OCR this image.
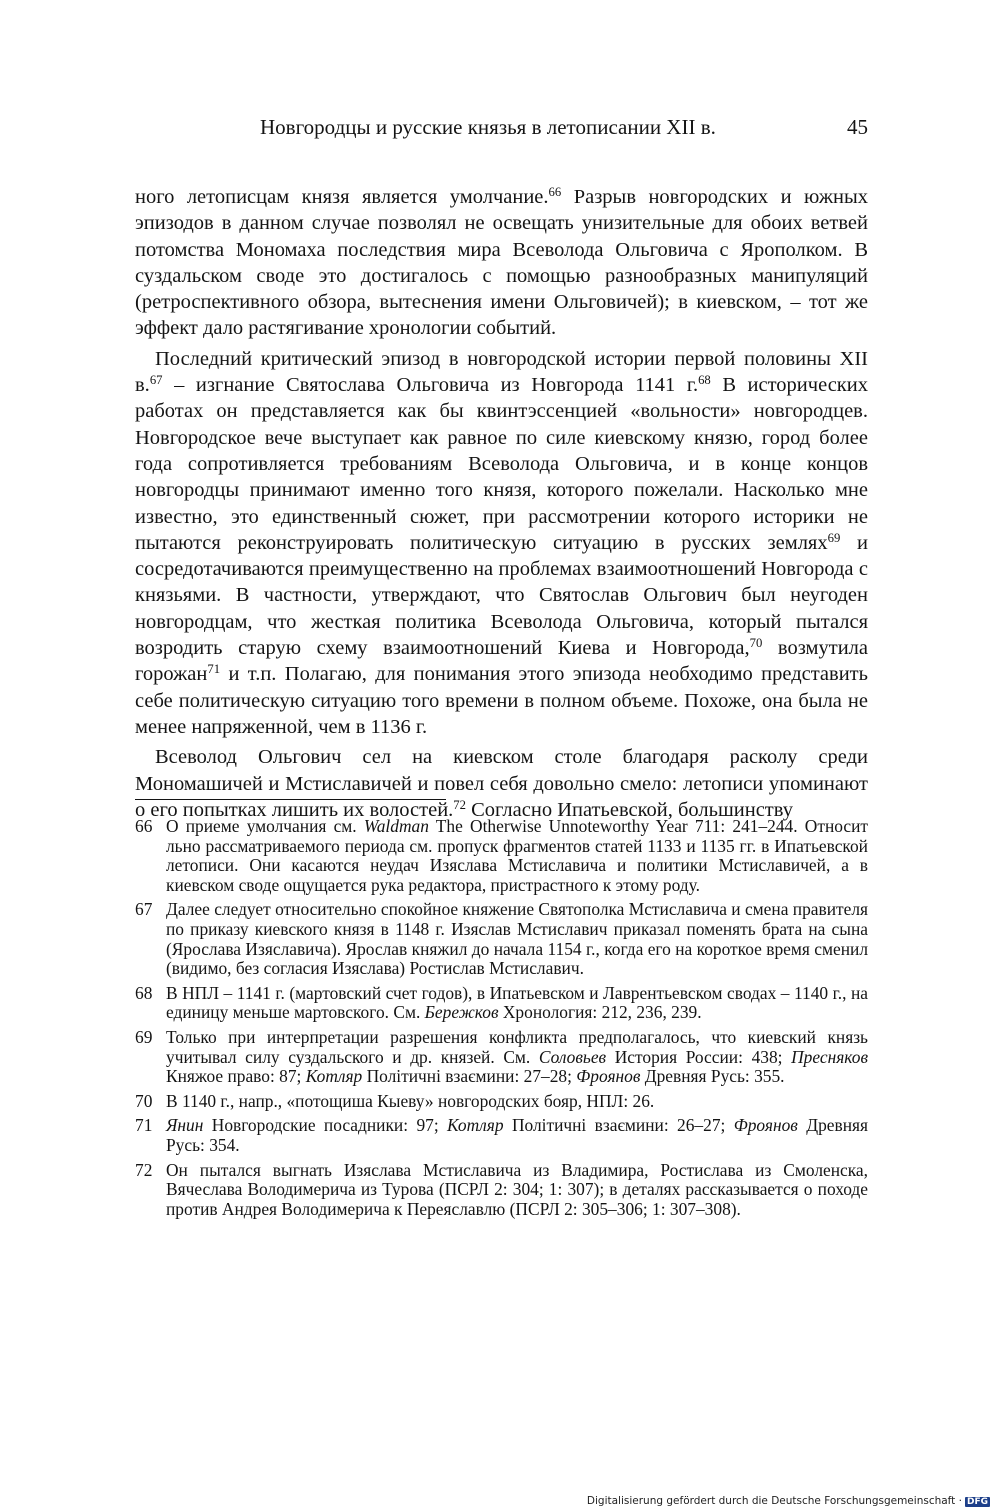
Новгородцы и русские князья в летописании XII в.	45

ного летописцам князя является умолчание.$^{66}$ Разрыв новгородских и южных эпизодов в данном случае позволял не освещать унизительные для обоих ветвей потомства Мономаха последствия мира Всеволода Ольговича с Ярополком. В суздальском своде это достигалось с помощью разнообразных манипуляций (ретроспективного обзора, вытеснения имени Ольговичей); в киевском, – тот же эффект дало растягивание хронологии событий.

Последний критический эпизод в новгородской истории первой половины XII в.$^{67}$ – изгнание Святослава Ольговича из Новгорода 1141 г.$^{68}$ В исторических работах он представляется как бы квинтэссенцией «вольности» новгородцев. Новгородское вече выступает как равное по силе киевскому князю, город более года сопротивляется требованиям Всеволода Ольговича, и в конце концов новгородцы принимают именно того князя, которого пожелали. Насколько мне известно, это единственный сюжет, при рассмотрении которого историки не пытаются реконструировать политическую ситуацию в русских землях$^{69}$ и сосредотачиваются преимущественно на проблемах взаимоотношений Новгорода с князьями. В частности, утверждают, что Святослав Ольгович был неугоден новгородцам, что жесткая политика Всеволода Ольговича, который пытался возродить старую схему взаимоотношений Киева и Новгорода,$^{70}$ возмутила горожан$^{71}$ и т.п. Полагаю, для понимания этого эпизода необходимо представить себе политическую ситуацию того времени в полном объеме. Похоже, она была не менее напряженной, чем в 1136 г.

Всеволод Ольгович сел на киевском столе благодаря расколу среди Мономашичей и Мстиславичей и повел себя довольно смело: летописи упоминают о его попытках лишить их волостей.$^{72}$ Согласно Ипатьевской, большинству

66 О приеме умолчания см. Waldman The Otherwise Unnoteworthy Year 711: 241–244. Относит льно рассматриваемого периода см. пропуск фрагментов статей 1133 и 1135 гг. в Ипатьевской летописи. Они касаются неудач Изяслава Мстиславича и политики Мстиславичей, а в киевском своде ощущается рука редактора, пристрастного к этому роду.
67 Далее следует относительно спокойное княжение Святополка Мстиславича и смена правителя по приказу киевского князя в 1148 г. Изяслав Мстиславич приказал поменять брата на сына (Ярослава Изяславича). Ярослав княжил до начала 1154 г., когда его на короткое время сменил (видимо, без согласия Изяслава) Ростислав Мстиславич.
68 В НПЛ – 1141 г. (мартовский счет годов), в Ипатьевском и Лаврентьевском сводах – 1140 г., на единицу меньше мартовского. См. Бережков Хронология: 212, 236, 239.
69 Только при интерпретации разрешения конфликта предполагалось, что киевский князь учитывал силу суздальского и др. князей. См. Соловьев История России: 438; Пресняков Княжое право: 87; Котляр Політичні взаємини: 27–28; Фроянов Древняя Русь: 355.
70 В 1140 г., напр., «потощиша Кыеву» новгородских бояр, НПЛ: 26.
71 Янин Новгородские посадники: 97; Котляр Політичні взаємини: 26–27; Фроянов Древняя Русь: 354.
72 Он пытался выгнать Изяслава Мстиславича из Владимира, Ростислава из Смоленска, Вячеслава Володимерича из Турова (ПСРЛ 2: 304; 1: 307); в деталях рассказывается о походе против Андрея Володимерича к Переяславлю (ПСРЛ 2: 305–306; 1: 307–308).
Digitalisierung gefördert durch die Deutsche Forschungsgemeinschaft · DFG
